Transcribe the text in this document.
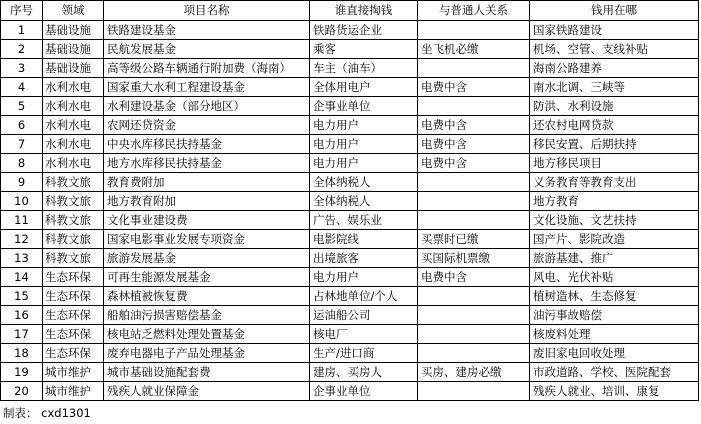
序号	领域	项目名称	谁直接掏钱	与普通人关系	钱用在哪
1	基础设施	铁路建设基金	铁路货运企业		国家铁路建设
2	基础设施	民航发展基金	乘客	坐飞机必缴	机场、空管、支线补贴
3	基础设施	高等级公路车辆通行附加费（海南）	车主（油车）		海南公路建养
4	水利水电	国家重大水利工程建设基金	全体用电户	电费中含	南水北调、三峡等
5	水利水电	水利建设基金（部分地区）	企事业单位		防洪、水利设施
6	水利水电	农网还贷资金	电力用户	电费中含	还农村电网贷款
7	水利水电	中央水库移民扶持基金	电力用户	电费中含	移民安置、后期扶持
8	水利水电	地方水库移民扶持基金	电力用户	电费中含	地方移民项目
9	科教文旅	教育费附加	全体纳税人		义务教育等教育支出
10	科教文旅	地方教育附加	全体纳税人		地方教育
11	科教文旅	文化事业建设费	广告、娱乐业		文化设施、文艺扶持
12	科教文旅	国家电影事业发展专项资金	电影院线	买票时已缴	国产片、影院改造
13	科教文旅	旅游发展基金	出境旅客	买国际机票缴	旅游基建、推广
14	生态环保	可再生能源发展基金	电力用户	电费中含	风电、光伏补贴
15	生态环保	森林植被恢复费	占林地单位/个人		植树造林、生态修复
16	生态环保	船舶油污损害赔偿基金	运油船公司		油污事故赔偿
17	生态环保	核电站乏燃料处理处置基金	核电厂		核废料处理
18	生态环保	废弃电器电子产品处理基金	生产/进口商		废旧家电回收处理
19	城市维护	城市基础设施配套费	建房、买房人	买房、建房必缴	市政道路、学校、医院配套
20	城市维护	残疾人就业保障金	企事业单位		残疾人就业、培训、康复
制表： cxd1301
